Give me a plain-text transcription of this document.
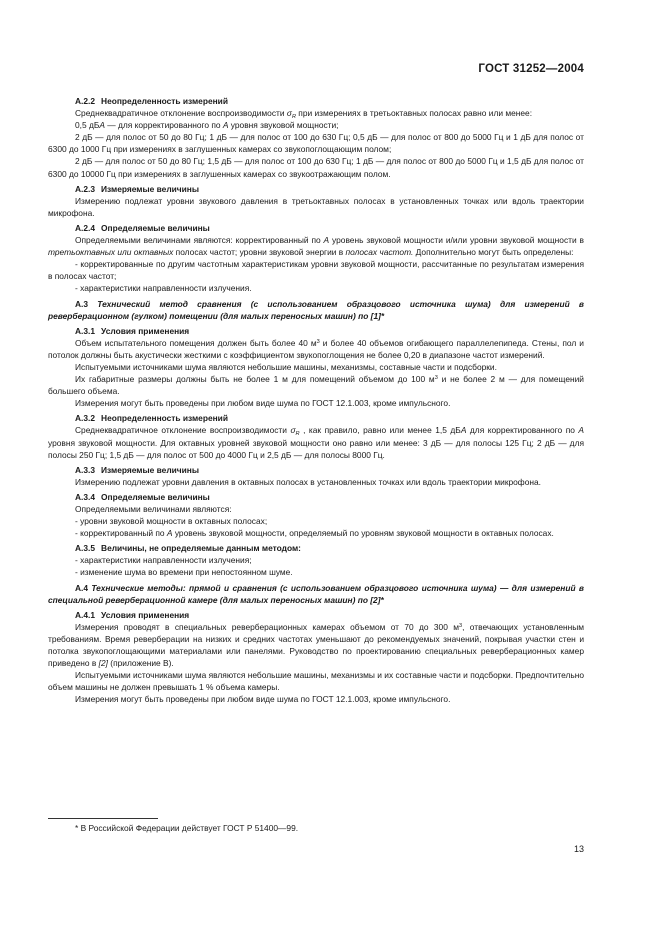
ГОСТ 31252—2004

А.2.2 Неопределенность измерений

Среднеквадратичное отклонение воспроизводимости $\sigma_R$ при измерениях в третьоктавных полосах равно или менее:

0,5 дБА — для корректированного по А уровня звуковой мощности;

2 дБ — для полос от 50 до 80 Гц; 1 дБ — для полос от 100 до 630 Гц; 0,5 дБ — для полос от 800 до 5000 Гц и 1 дБ для полос от 6300 до 1000 Гц при измерениях в заглушенных камерах со звукопоглощающим полом;

2 дБ — для полос от 50 до 80 Гц; 1,5 дБ — для полос от 100 до 630 Гц; 1 дБ — для полос от 800 до 5000 Гц и 1,5 дБ для полос от 6300 до 10000 Гц при измерениях в заглушенных камерах со звукоотражающим полом.

А.2.3 Измеряемые величины

Измерению подлежат уровни звукового давления в третьоктавных полосах в установленных точках или вдоль траектории микрофона.

А.2.4 Определяемые величины

Определяемыми величинами являются: корректированный по А уровень звуковой мощности и/или уровни звуковой мощности в третьоктавных или октавных полосах частот; уровни звуковой энергии в полосах частот. Дополнительно могут быть определены:

- корректированные по другим частотным характеристикам уровни звуковой мощности, рассчитанные по результатам измерения в полосах частот;

- характеристики направленности излучения.

А.3 Технический метод сравнения (с использованием образцового источника шума) для измерений в реверберационном (гулком) помещении (для малых переносных машин) по [1]*

А.3.1 Условия применения

Объем испытательного помещения должен быть более 40 $м^3$ и более 40 объемов огибающего параллелепипеда. Стены, пол и потолок должны быть акустически жесткими с коэффициентом звукопоглощения не более 0,20 в диапазоне частот измерений.

Испытуемыми источниками шума являются небольшие машины, механизмы, составные части и подсборки.

Их габаритные размеры должны быть не более 1 м для помещений объемом до 100 $м^3$ и не более 2 м — для помещений большего объема.

Измерения могут быть проведены при любом виде шума по ГОСТ 12.1.003, кроме импульсного.

А.3.2 Неопределенность измерений

Среднеквадратичное отклонение воспроизводимости $\sigma_R$ , как правило, равно или менее 1,5 дБА для корректированного по А уровня звуковой мощности. Для октавных уровней звуковой мощности оно равно или менее: 3 дБ — для полосы 125 Гц; 2 дБ — для полосы 250 Гц; 1,5 дБ — для полос от 500 до 4000 Гц и 2,5 дБ — для полосы 8000 Гц.

А.3.3 Измеряемые величины

Измерению подлежат уровни давления в октавных полосах в установленных точках или вдоль траектории микрофона.

А.3.4 Определяемые величины

Определяемыми величинами являются:

- уровни звуковой мощности в октавных полосах;

- корректированный по А уровень звуковой мощности, определяемый по уровням звуковой мощности в октавных полосах.

А.3.5 Величины, не определяемые данным методом:

- характеристики направленности излучения;

- изменение шума во времени при непостоянном шуме.

А.4 Технические методы: прямой и сравнения (с использованием образцового источника шума) — для измерений в специальной реверберационной камере (для малых переносных машин) по [2]*

А.4.1 Условия применения

Измерения проводят в специальных реверберационных камерах объемом от 70 до 300 $м^3$, отвечающих установленным требованиям. Время реверберации на низких и средних частотах уменьшают до рекомендуемых значений, покрывая участки стен и потолка звукопоглощающими материалами или панелями. Руководство по проектированию специальных реверберационных камер приведено в [2] (приложение В).

Испытуемыми источниками шума являются небольшие машины, механизмы и их составные части и подсборки. Предпочтительно объем машины не должен превышать 1 % объема камеры.

Измерения могут быть проведены при любом виде шума по ГОСТ 12.1.003, кроме импульсного.

* В Российской Федерации действует ГОСТ Р 51400—99.
13
